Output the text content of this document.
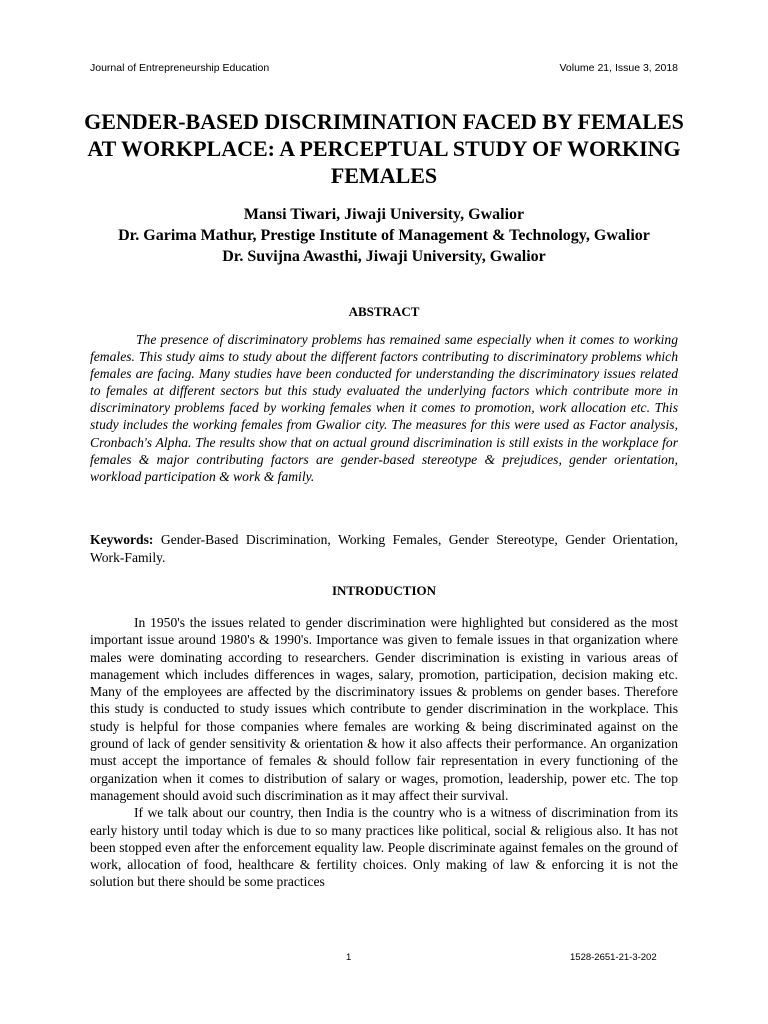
Journal of Entrepreneurship Education	Volume 21, Issue 3, 2018
GENDER-BASED DISCRIMINATION FACED BY FEMALES AT WORKPLACE: A PERCEPTUAL STUDY OF WORKING FEMALES
Mansi Tiwari, Jiwaji University, Gwalior
Dr. Garima Mathur, Prestige Institute of Management & Technology, Gwalior
Dr. Suvijna Awasthi, Jiwaji University, Gwalior
ABSTRACT
The presence of discriminatory problems has remained same especially when it comes to working females. This study aims to study about the different factors contributing to discriminatory problems which females are facing. Many studies have been conducted for understanding the discriminatory issues related to females at different sectors but this study evaluated the underlying factors which contribute more in discriminatory problems faced by working females when it comes to promotion, work allocation etc. This study includes the working females from Gwalior city. The measures for this were used as Factor analysis, Cronbach's Alpha. The results show that on actual ground discrimination is still exists in the workplace for females & major contributing factors are gender-based stereotype & prejudices, gender orientation, workload participation & work & family.
Keywords: Gender-Based Discrimination, Working Females, Gender Stereotype, Gender Orientation, Work-Family.
INTRODUCTION

In 1950's the issues related to gender discrimination were highlighted but considered as the most important issue around 1980's & 1990's. Importance was given to female issues in that organization where males were dominating according to researchers. Gender discrimination is existing in various areas of management which includes differences in wages, salary, promotion, participation, decision making etc. Many of the employees are affected by the discriminatory issues & problems on gender bases. Therefore this study is conducted to study issues which contribute to gender discrimination in the workplace. This study is helpful for those companies where females are working & being discriminated against on the ground of lack of gender sensitivity & orientation & how it also affects their performance. An organization must accept the importance of females & should follow fair representation in every functioning of the organization when it comes to distribution of salary or wages, promotion, leadership, power etc. The top management should avoid such discrimination as it may affect their survival.

If we talk about our country, then India is the country who is a witness of discrimination from its early history until today which is due to so many practices like political, social & religious also. It has not been stopped even after the enforcement equality law. People discriminate against females on the ground of work, allocation of food, healthcare & fertility choices. Only making of law & enforcing it is not the solution but there should be some practices

1	1528-2651-21-3-202
